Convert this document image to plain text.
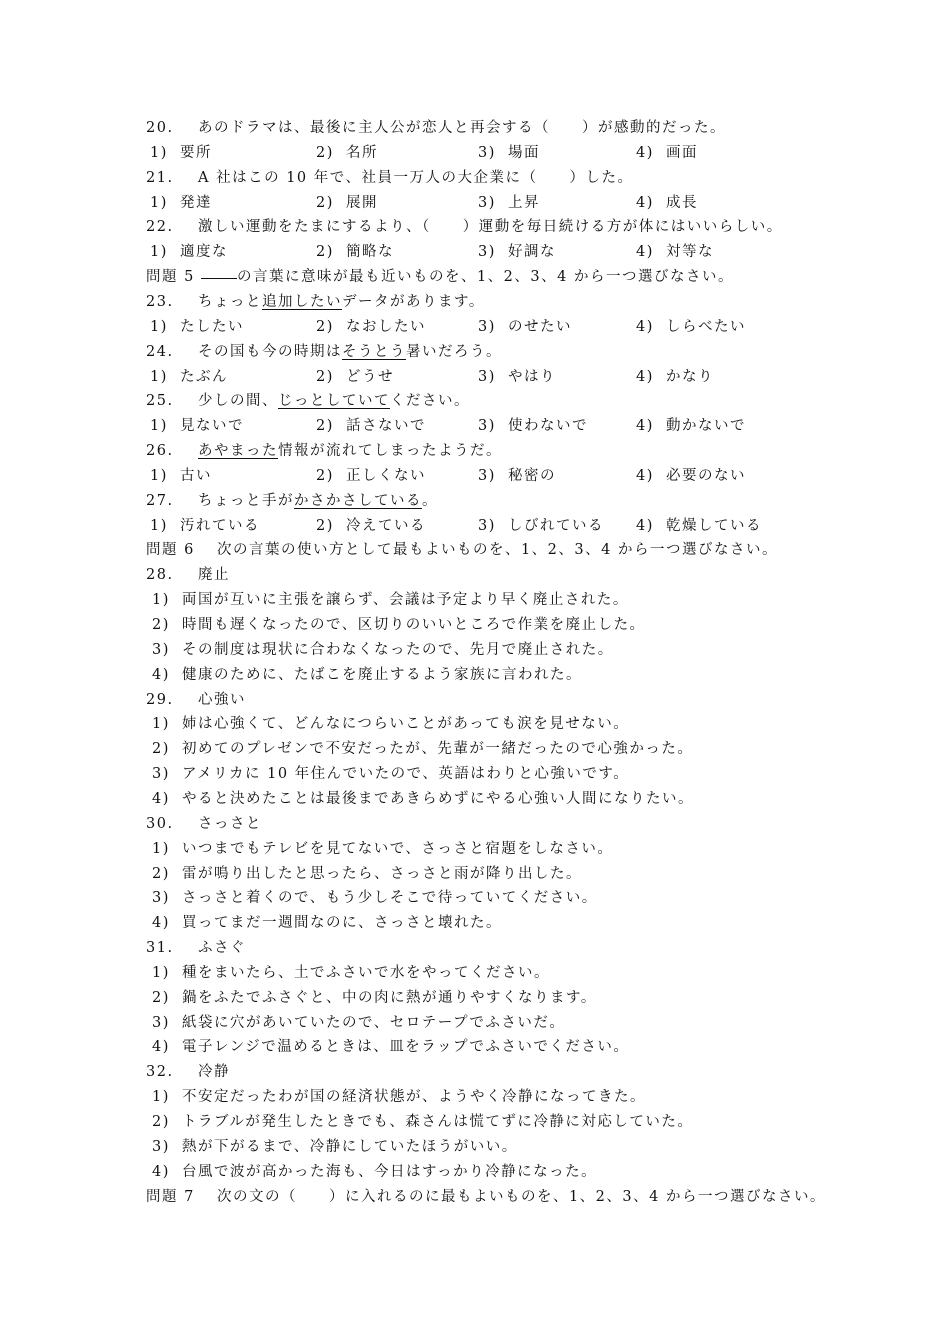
20. あのドラマは、最後に主人公が恋人と再会する（　　）が感動的だった。
1) 要所	2) 名所	3) 場面	4) 画面
21. A 社はこの 10 年で、社員一万人の大企業に（　　）した。
1) 発達	2) 展開	3) 上昇	4) 成長
22. 激しい運動をたまにするより、（　　）運動を毎日続ける方が体にはいいらしい。
1) 適度な	2) 簡略な	3) 好調な	4) 対等な
問題 5	の言葉に意味が最も近いものを、1、2、3、4 から一つ選びなさい。
23. ちょっと追加したいデータがあります。
1) たしたい	2) なおしたい	3) のせたい	4) しらべたい
24. その国も今の時期はそうとう暑いだろう。
1) たぶん	2) どうせ	3) やはり	4) かなり
25. 少しの間、じっとしていてください。
1) 見ないで	2) 話さないで	3) 使わないで	4) 動かないで
26. あやまった情報が流れてしまったようだ。
1) 古い	2) 正しくない	3) 秘密の	4) 必要のない
27. ちょっと手がかさかさしている。
1) 汚れている	2) 冷えている	3) しびれている 4) 乾燥している
問題 6   次の言葉の使い方として最もよいものを、1、2、3、4 から一つ選びなさい。
28. 廃止
1) 両国が互いに主張を譲らず、会議は予定より早く廃止された。
2) 時間も遅くなったので、区切りのいいところで作業を廃止した。
3) その制度は現状に合わなくなったので、先月で廃止された。
4) 健康のために、たばこを廃止するよう家族に言われた。
29. 心強い
1) 姉は心強くて、どんなにつらいことがあっても涙を見せない。
2) 初めてのプレゼンで不安だったが、先輩が一緒だったので心強かった。
3) アメリカに 10 年住んでいたので、英語はわりと心強いです。
4) やると決めたことは最後まであきらめずにやる心強い人間になりたい。
30. さっさと
1) いつまでもテレビを見てないで、さっさと宿題をしなさい。
2) 雷が鳴り出したと思ったら、さっさと雨が降り出した。
3) さっさと着くので、もう少しそこで待っていてください。
4) 買ってまだ一週間なのに、さっさと壊れた。
31. ふさぐ
1) 種をまいたら、土でふさいで水をやってください。
2) 鍋をふたでふさぐと、中の肉に熱が通りやすくなります。
3) 紙袋に穴があいていたので、セロテープでふさいだ。
4) 電子レンジで温めるときは、皿をラップでふさいでください。
32. 冷静
1) 不安定だったわが国の経済状態が、ようやく冷静になってきた。
2) トラブルが発生したときでも、森さんは慌てずに冷静に対応していた。
3) 熱が下がるまで、冷静にしていたほうがいい。
4) 台風で波が高かった海も、今日はすっかり冷静になった。
問題 7   次の文の（　　）に入れるのに最もよいものを、1、2、3、4 から一つ選びなさい。
